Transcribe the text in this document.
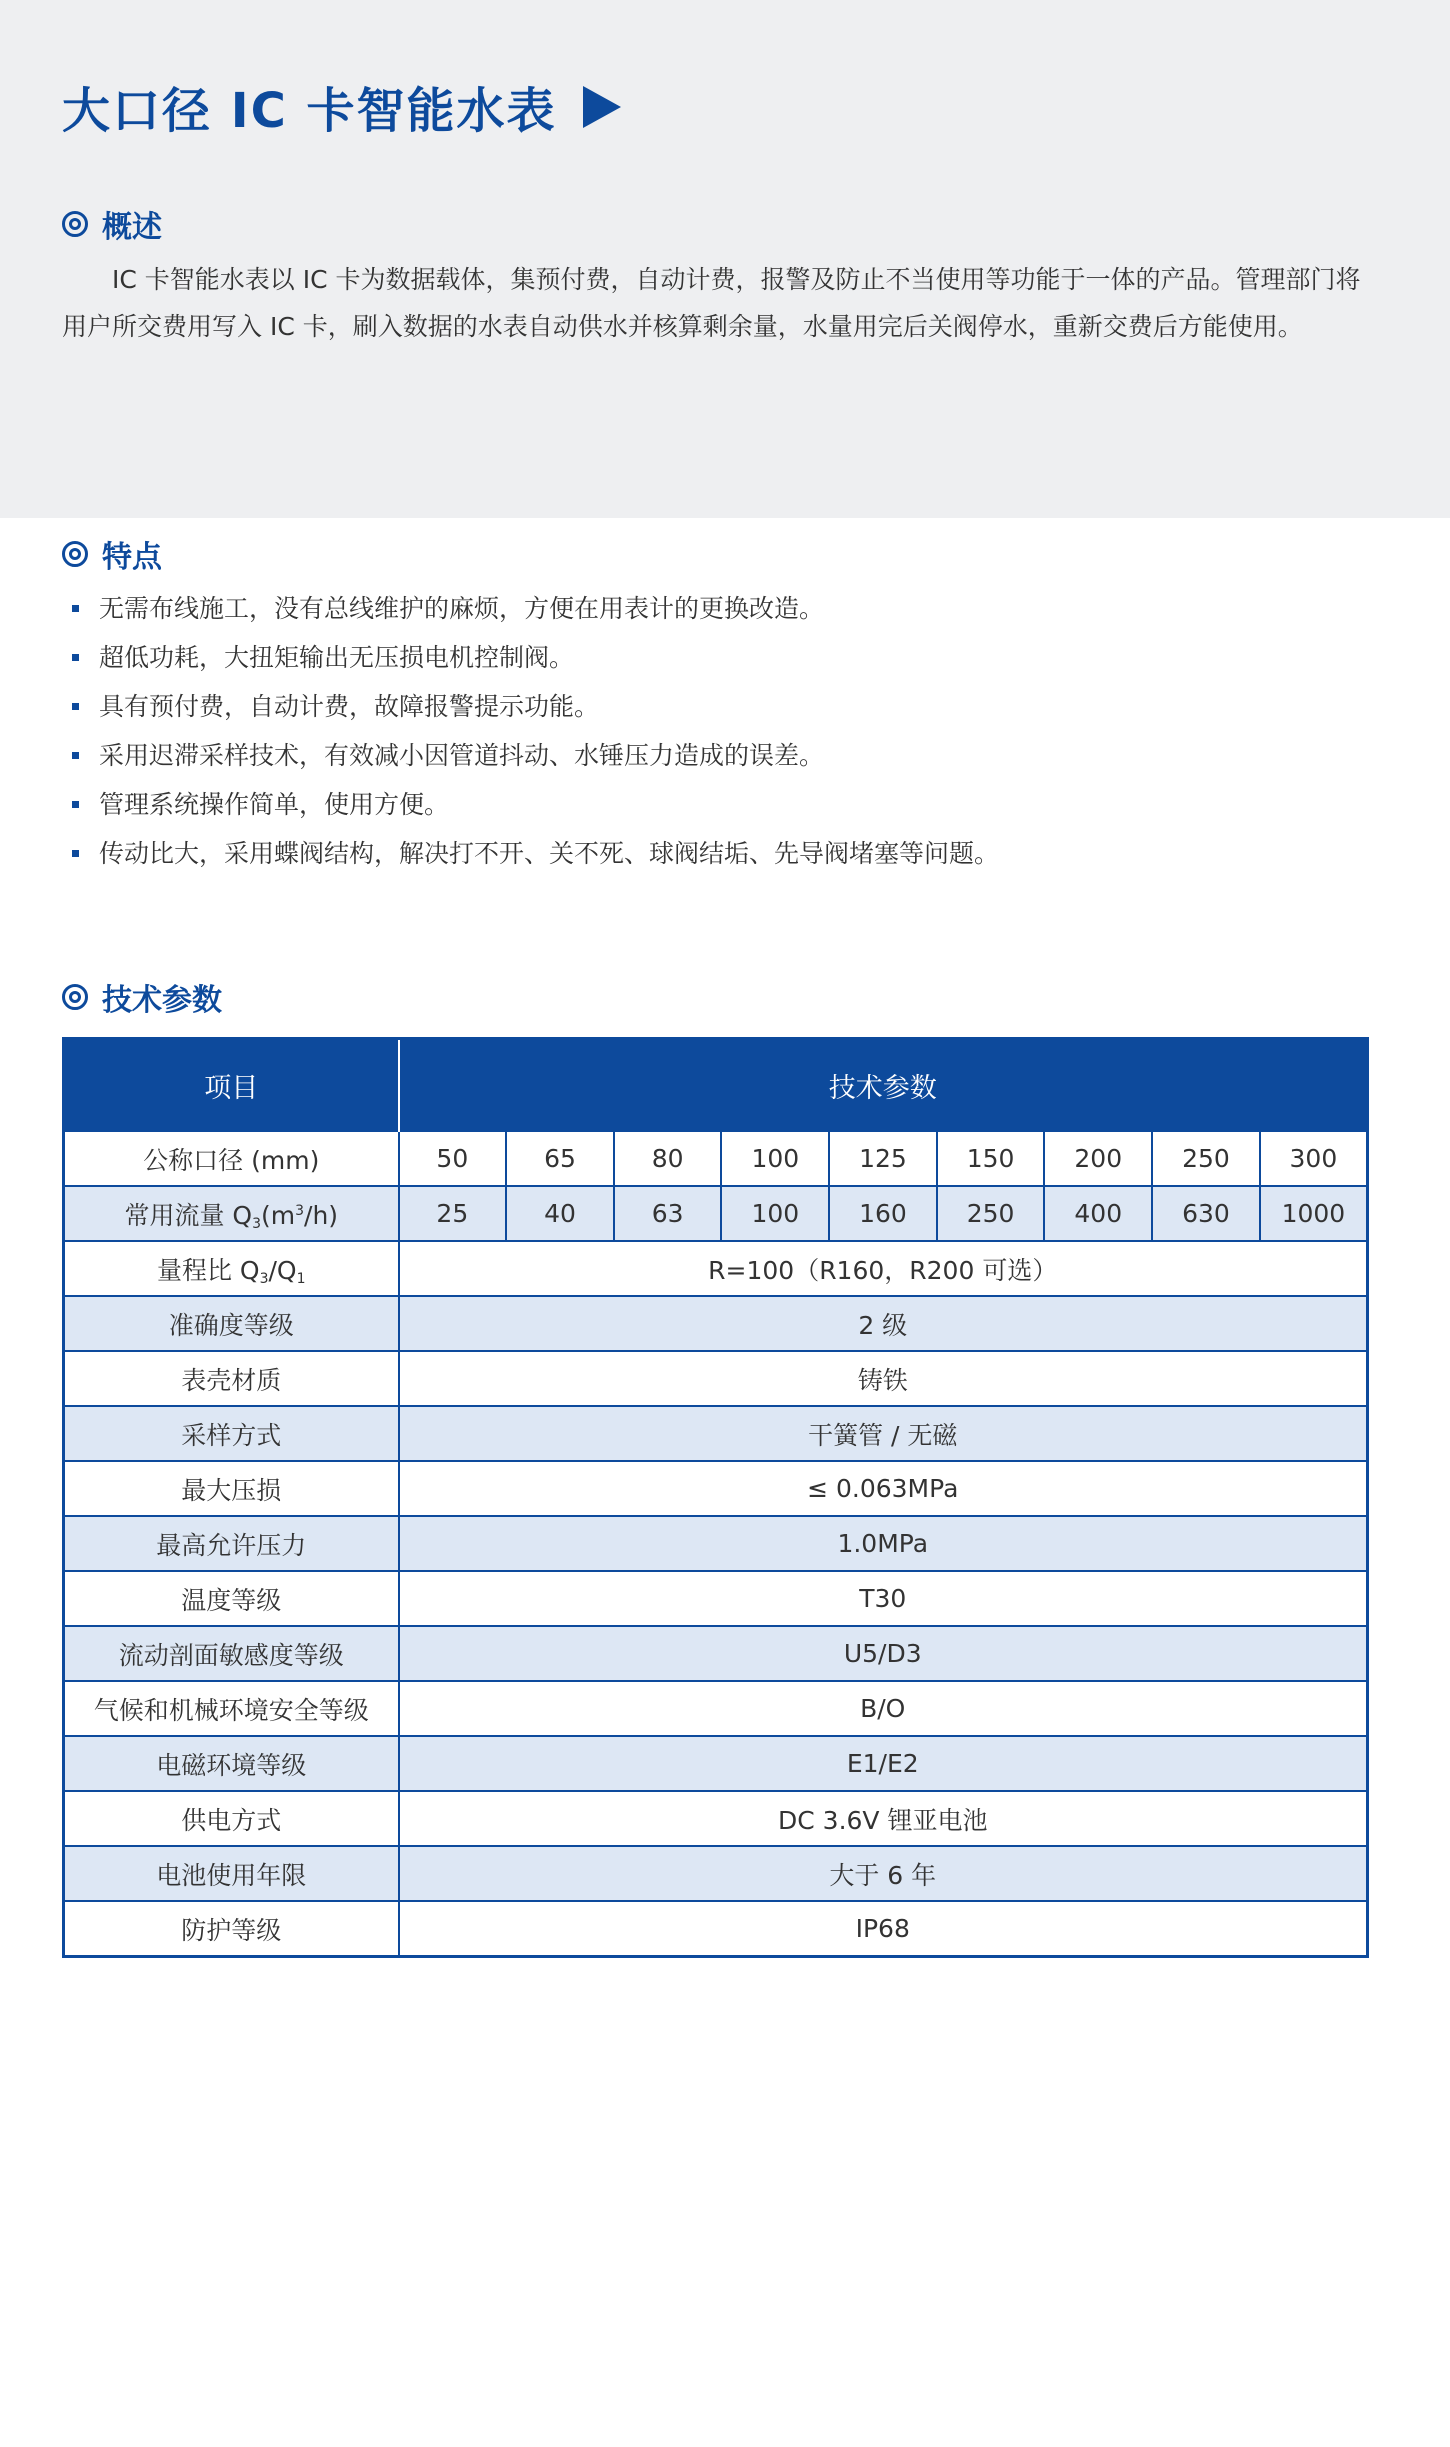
大口径 IC 卡智能水表
概述

IC 卡智能水表以 IC 卡为数据载体，集预付费，自动计费，报警及防止不当使用等功能于一体的产品。管理部门将用户所交费用写入 IC 卡，刷入数据的水表自动供水并核算剩余量，水量用完后关阀停水，重新交费后方能使用。

特点
无需布线施工，没有总线维护的麻烦，方便在用表计的更换改造。
超低功耗，大扭矩输出无压损电机控制阀。
具有预付费，自动计费，故障报警提示功能。
采用迟滞采样技术，有效减小因管道抖动、水锤压力造成的误差。
管理系统操作简单，使用方便。
传动比大，采用蝶阀结构，解决打不开、关不死、球阀结垢、先导阀堵塞等问题。
技术参数
项目	技术参数								
公称口径 (mm)	50	65	80	100	125	150	200	250	300
常用流量 $Q_3(m^3/h)$	25	40	63	100	160	250	400	630	1000
量程比 $Q_3/Q_1$	R=100（R160，R200 可选）								
准确度等级	2 级								
表壳材质	铸铁								
采样方式	干簧管 / 无磁								
最大压损	≤ 0.063MPa								
最高允许压力	1.0MPa								
温度等级	T30								
流动剖面敏感度等级	U5/D3								
气候和机械环境安全等级	B/O								
电磁环境等级	E1/E2								
供电方式	DC 3.6V 锂亚电池								
电池使用年限	大于 6 年								
防护等级	IP68								
